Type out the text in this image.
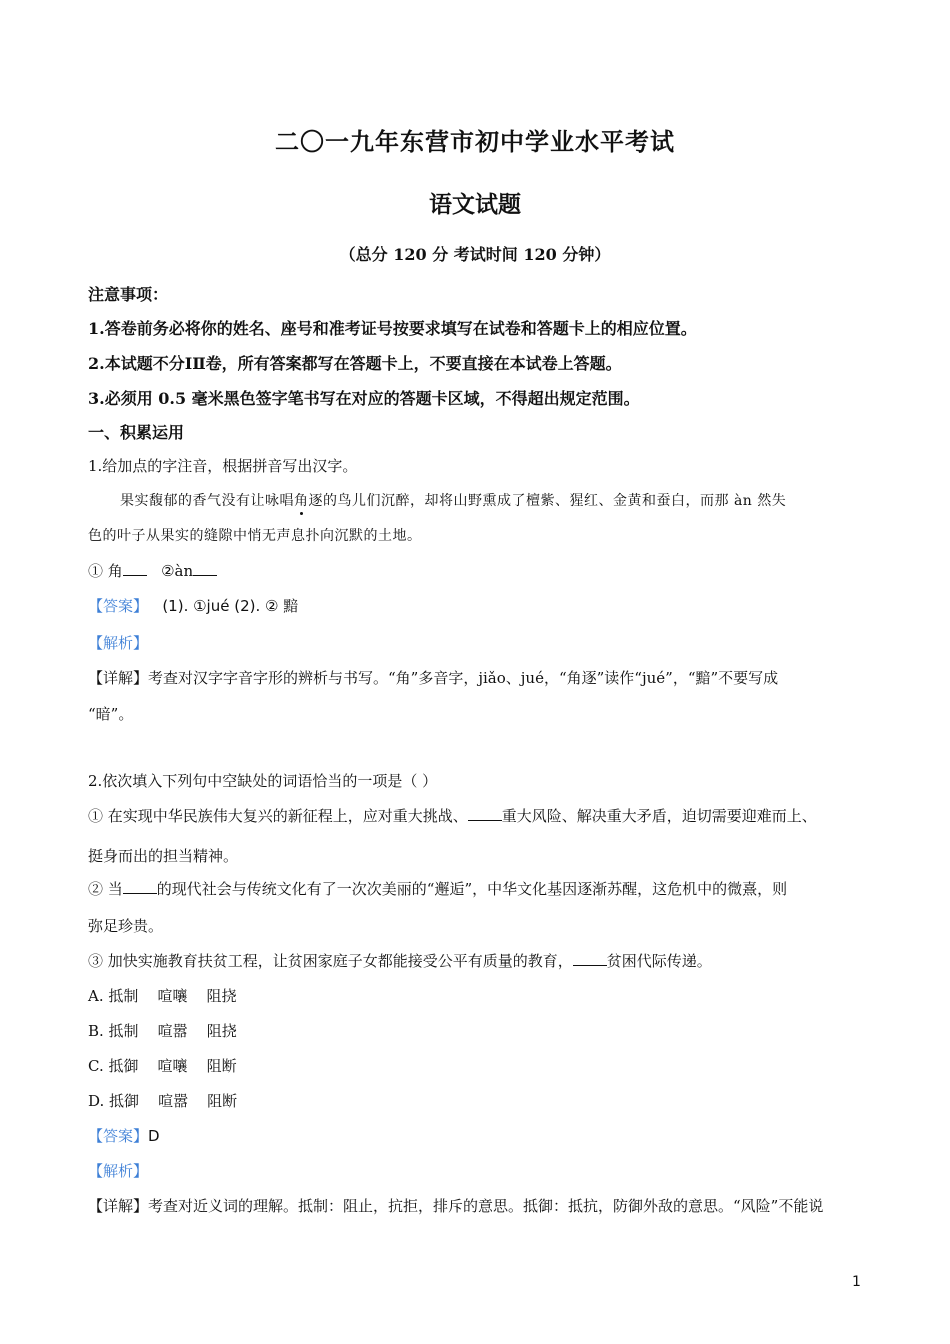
二〇一九年东营市初中学业水平考试
语文试题
（总分 120 分 考试时间 120 分钟）
注意事项：
1.答卷前务必将你的姓名、座号和准考证号按要求填写在试卷和答题卡上的相应位置。
2.本试题不分ⅠⅡ卷，所有答案都写在答题卡上，不要直接在本试卷上答题。
3.必须用 0.5 毫米黑色签字笔书写在对应的答题卡区域，不得超出规定范围。
一、积累运用
1.给加点的字注音，根据拼音写出汉字。
果实馥郁的香气没有让咏唱角逐的鸟儿们沉醉，却将山野熏成了檀紫、猩红、金黄和蚕白，而那 àn 然失
色的叶子从果实的缝隙中悄无声息扑向沉默的土地。
① 角	②àn
【答案】 (1). ①jué (2). ② 黯
【解析】
【详解】考查对汉字字音字形的辨析与书写。“角”多音字，jiǎo、jué，“角逐”读作“jué”，“黯”不要写成
“暗”。
2.依次填入下列句中空缺处的词语恰当的一项是（ ）
① 在实现中华民族伟大复兴的新征程上，应对重大挑战、 重大风险、解决重大矛盾，迫切需要迎难而上、
挺身而出的担当精神。
② 当 的现代社会与传统文化有了一次次美丽的“邂逅”，中华文化基因逐渐苏醒，这危机中的微熹，则
弥足珍贵。
③ 加快实施教育扶贫工程，让贫困家庭子女都能接受公平有质量的教育， 贫困代际传递。
A. 抵制    喧嚷    阻挠
B. 抵制    喧嚣    阻挠
C. 抵御    喧嚷    阻断
D. 抵御    喧嚣    阻断
【答案】D
【解析】
【详解】考查对近义词的理解。抵制：阻止，抗拒，排斥的意思。抵御：抵抗，防御外敌的意思。“风险”不能说
1
